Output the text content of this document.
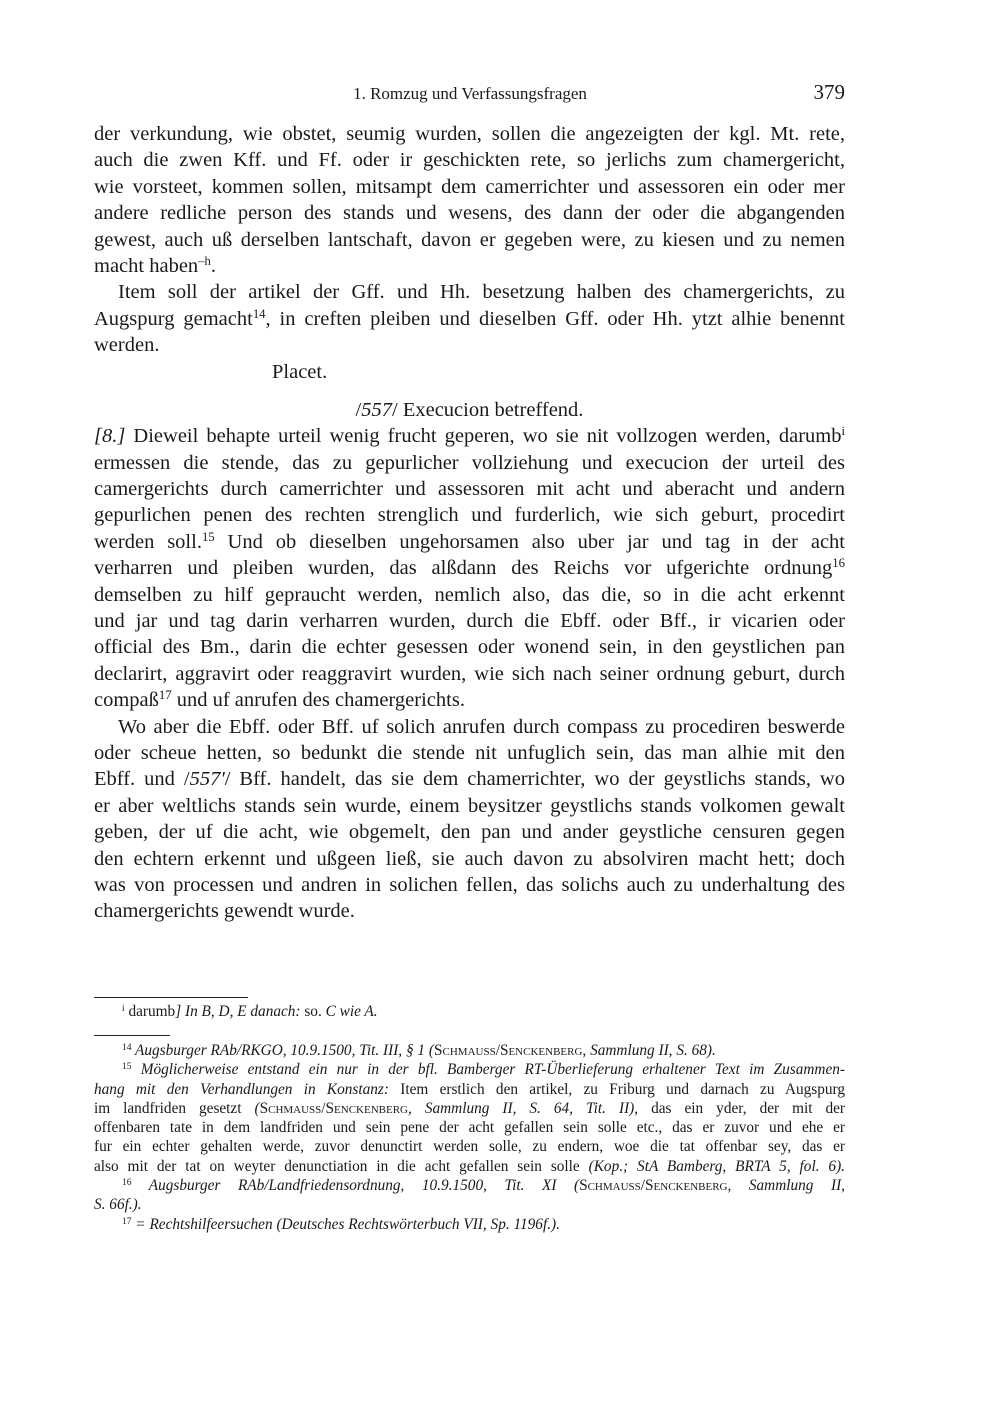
1. Romzug und Verfassungsfragen	379
der verkundung, wie obstet, seumig wurden, sollen die angezeigten der kgl. Mt. rete,
auch die zwen Kff. und Ff. oder ir geschickten rete, so jerlichs zum chamergericht,
wie vorsteet, kommen sollen, mitsampt dem camerrichter und assessoren ein oder mer
andere redliche person des stands und wesens, des dann der oder die abgangenden
gewest, auch uß derselben lantschaft, davon er gegeben were, zu kiesen und zu nemen
macht haben$^{-h}$.
Item soll der artikel der Gff. und Hh. besetzung halben des chamergerichts, zu
Augspurg gemacht$^{14}$, in creften pleiben und dieselben Gff. oder Hh. ytzt alhie benennt
werden.
Placet.
/557/ Execucion betreffend.
[8.] Dieweil behapte urteil wenig frucht geperen, wo sie nit vollzogen werden, darumb$^i$
ermessen die stende, das zu gepurlicher vollziehung und execucion der urteil des
camergerichts durch camerrichter und assessoren mit acht und aberacht und andern
gepurlichen penen des rechten strenglich und furderlich, wie sich geburt, procedirt
werden soll.$^{15}$ Und ob dieselben ungehorsamen also uber jar und tag in der acht
verharren und pleiben wurden, das alßdann des Reichs vor ufgerichte ordnung$^{16}$
demselben zu hilf gepraucht werden, nemlich also, das die, so in die acht erkennt
und jar und tag darin verharren wurden, durch die Ebff. oder Bff., ir vicarien oder
official des Bm., darin die echter gesessen oder wonend sein, in den geystlichen pan
declarirt, aggravirt oder reaggravirt wurden, wie sich nach seiner ordnung geburt, durch
compaß$^{17}$ und uf anrufen des chamergerichts.
Wo aber die Ebff. oder Bff. uf solich anrufen durch compass zu procediren beswerde
oder scheue hetten, so bedunkt die stende nit unfuglich sein, das man alhie mit den
Ebff. und /557'/ Bff. handelt, das sie dem chamerrichter, wo der geystlichs stands, wo
er aber weltlichs stands sein wurde, einem beysitzer geystlichs stands volkomen gewalt
geben, der uf die acht, wie obgemelt, den pan und ander geystliche censuren gegen
den echtern erkennt und ußgeen ließ, sie auch davon zu absolviren macht hett; doch
was von processen und andren in solichen fellen, das solichs auch zu underhaltung des
chamergerichts gewendt wurde.
$^i$ darumb] In B, D, E danach: so. C wie A.
$^{14}$ Augsburger RAb/RKGO, 10.9.1500, Tit. III, § 1 (Schmauss/Senckenberg, Sammlung II, S. 68).
$^{15}$ Möglicherweise entstand ein nur in der bfl. Bamberger RT-Überlieferung erhaltener Text im Zusammen-
hang mit den Verhandlungen in Konstanz: Item erstlich den artikel, zu Friburg und darnach zu Augspurg
im landfriden gesetzt (Schmauss/Senckenberg, Sammlung II, S. 64, Tit. II), das ein yder, der mit der
offenbaren tate in dem landfriden und sein pene der acht gefallen sein solle etc., das er zuvor und ehe er
fur ein echter gehalten werde, zuvor denunctirt werden solle, zu endern, woe die tat offenbar sey, das er
also mit der tat on weyter denunctiation in die acht gefallen sein solle (Kop.; StA Bamberg, BRTA 5, fol. 6).
$^{16}$ Augsburger RAb/Landfriedensordnung, 10.9.1500, Tit. XI (Schmauss/Senckenberg, Sammlung II,
S. 66f.).
$^{17}$ = Rechtshilfeersuchen (Deutsches Rechtswörterbuch VII, Sp. 1196f.).
